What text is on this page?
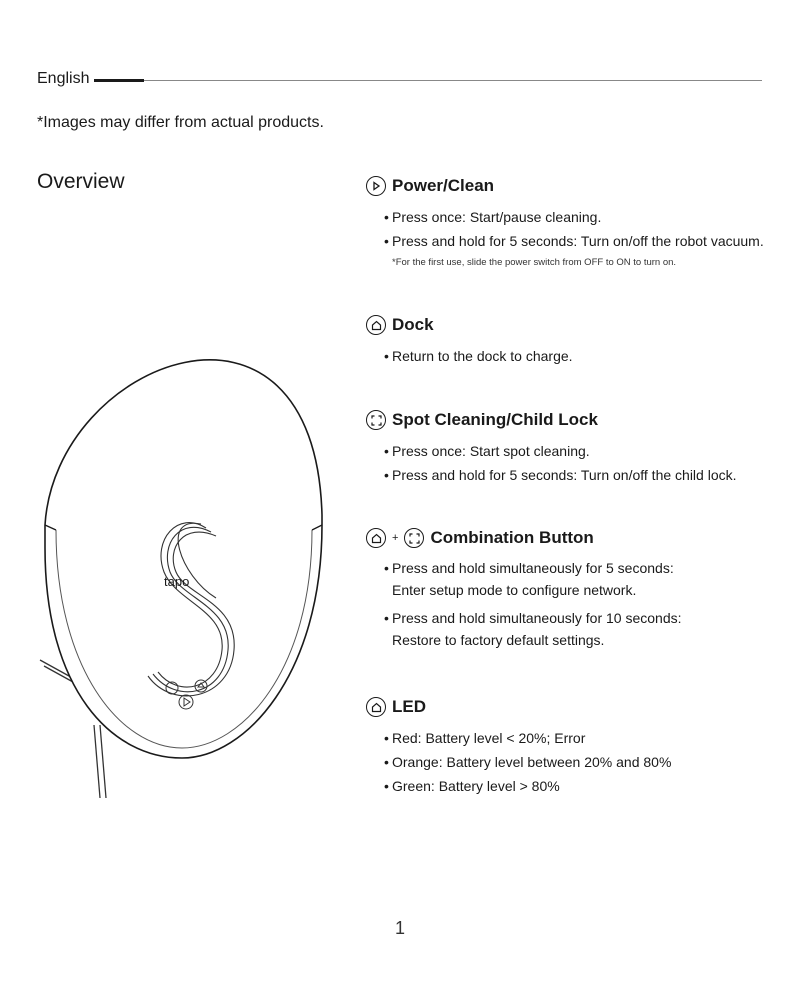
English
*Images may differ from actual products.
Overview
tapo
Power/Clean
• Press once: Start/pause cleaning.
• Press and hold for 5 seconds: Turn on/off the robot vacuum.
*For the first use, slide the power switch from OFF to ON to turn on.
Dock
• Return to the dock to charge.
Spot Cleaning/Child Lock
• Press once: Start spot cleaning.
• Press and hold for 5 seconds: Turn on/off the child lock.
+ Combination Button
• Press and hold simultaneously for 5 seconds:
Enter setup mode to configure network.
• Press and hold simultaneously for 10 seconds:
Restore to factory default settings.
LED
• Red: Battery level < 20%; Error
• Orange: Battery level between 20% and 80%
• Green: Battery level > 80%
1
